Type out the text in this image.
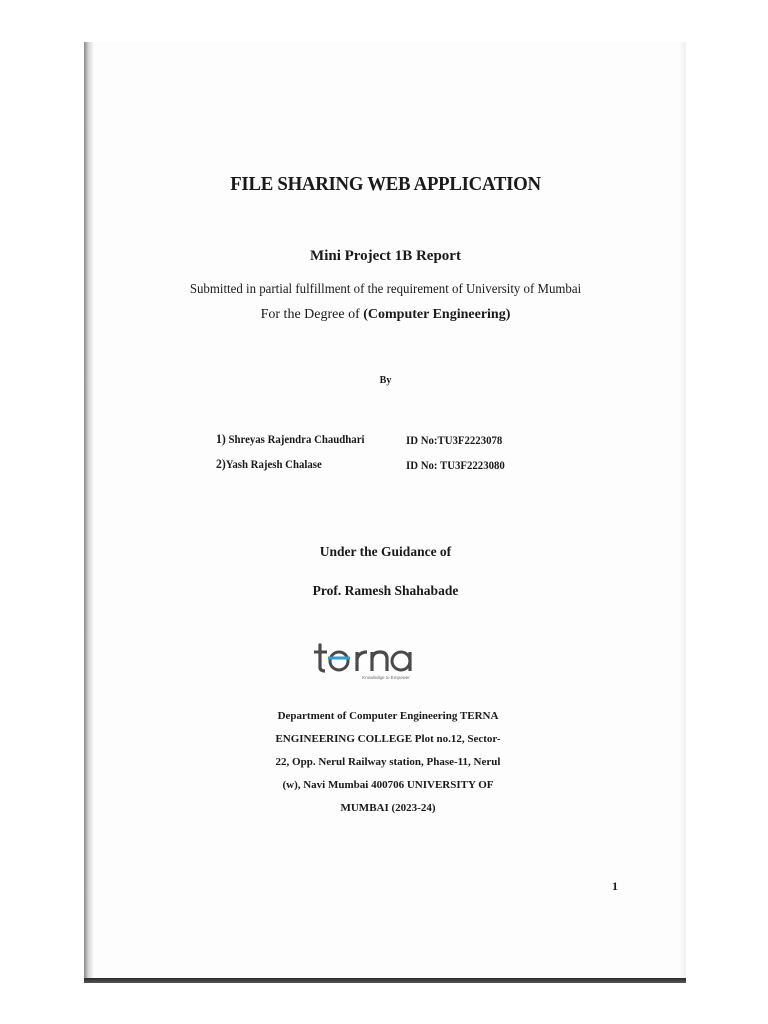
FILE SHARING WEB APPLICATION
Mini Project 1B Report
Submitted in partial fulfillment of the requirement of University of Mumbai
For the Degree of (Computer Engineering)
By
1) Shreyas Rajendra Chaudhari	ID No:TU3F2223078
2)Yash Rajesh Chalase	ID No: TU3F2223080
Under the Guidance of
Prof. Ramesh Shahabade
Knowledge to Empower
Department of Computer Engineering TERNA
ENGINEERING COLLEGE Plot no.12, Sector-
22, Opp. Nerul Railway station, Phase-11, Nerul
(w), Navi Mumbai 400706 UNIVERSITY OF
MUMBAI (2023-24)
1
